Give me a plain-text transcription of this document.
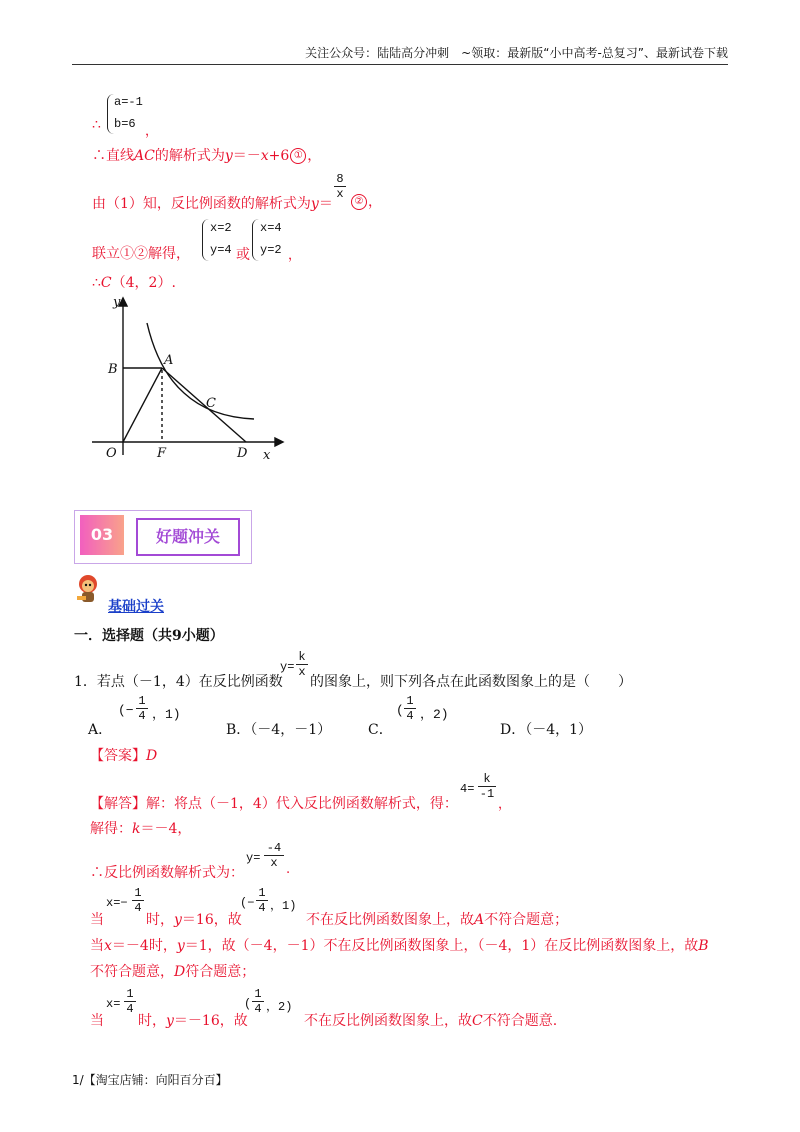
关注公众号：陆陆高分冲刺　~领取：最新版“小中高考-总复习”、最新试卷下载
∴
a=-1
b=6 ，
∴直线AC的解析式为y＝－x+6 ① ，
由（1）知，反比例函数的解析式为y＝
$\frac{8}{x}$
② ，
联立①②解得，
x=2
y=4 或
x=4
y=2 ，
∴C（4，2）.
y
x
O	F	D
B
A
C
03	好题冲关
基础过关
一．选择题（共9小题）
1．若点（－1，4）在反比例函数
$y= \frac{k}{x}$
的图象上，则下列各点在此函数图象上的是（　　）
A．
(− $\frac{1}{4}$ ，1)
B．（－4，－1）	C．
( $\frac{1}{4}$ ，2)
D．（－4，1）
【答案】D
【解答】解：将点（－1，4）代入反比例函数解析式，得：
$4= \frac{k}{-1}$
，
解得：k＝－4，
∴反比例函数解析式为：
$y= \frac{-4}{x}$ .
当
$x=- \frac{1}{4}$
时，y＝16，故
(− $\frac{1}{4}$ ，1)
不在反比例函数图象上，故A不符合题意；
当x＝－4时，y＝1，故（－4，－1）不在反比例函数图象上，（－4，1）在反比例函数图象上，故B
不符合题意，D符合题意；
当
$x= \frac{1}{4}$
时，y＝－16，故
( $\frac{1}{4}$ ，2)
不在反比例函数图象上，故C不符合题意.
1/【淘宝店铺：向阳百分百】
